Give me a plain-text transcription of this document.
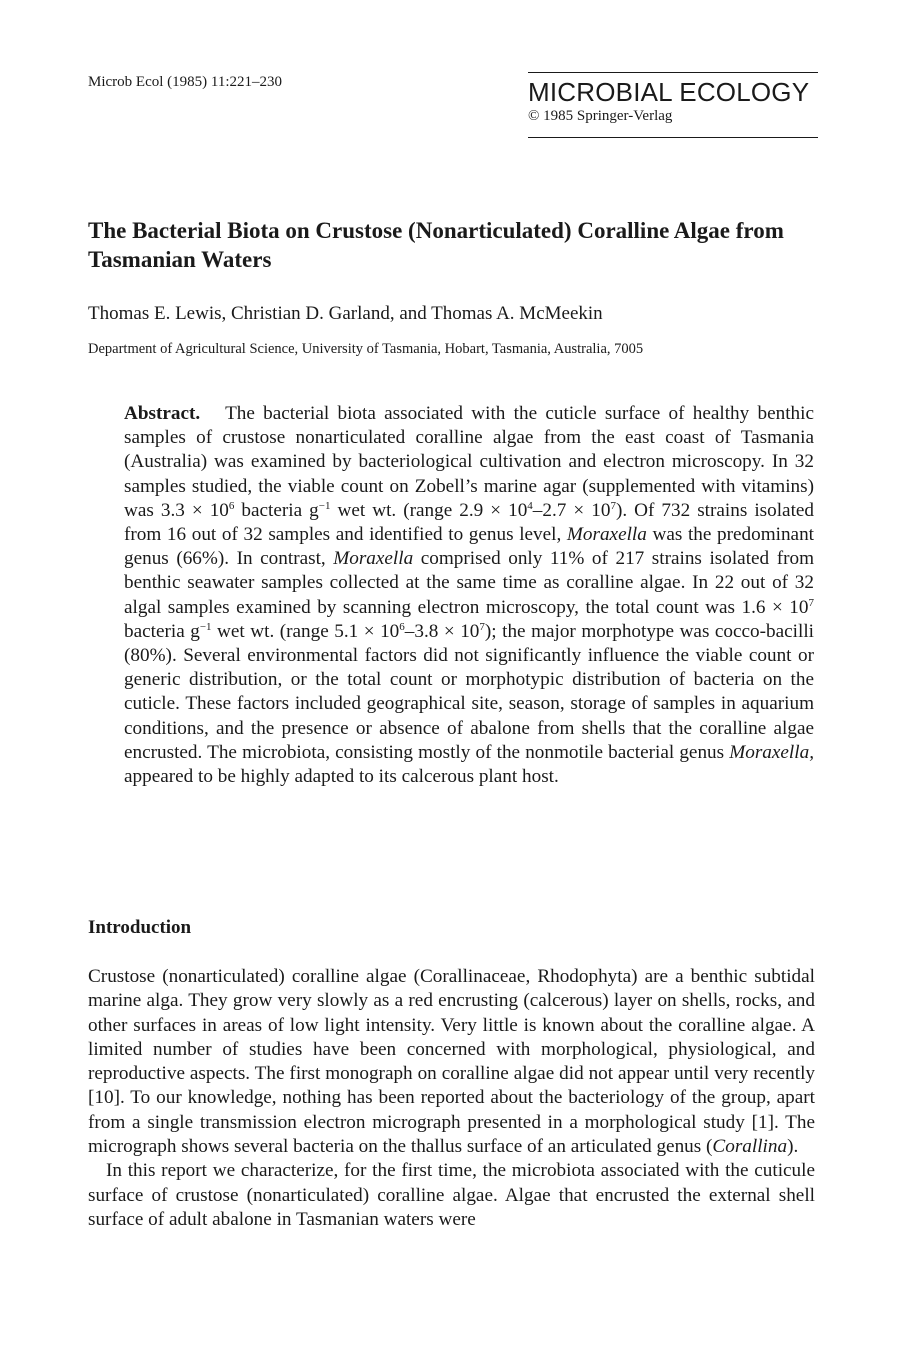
Microb Ecol (1985) 11:221–230	MICROBIAL ECOLOGY
© 1985 Springer-Verlag
The Bacterial Biota on Crustose (Nonarticulated) Coralline Algae from Tasmanian Waters
Thomas E. Lewis, Christian D. Garland, and Thomas A. McMeekin
Department of Agricultural Science, University of Tasmania, Hobart, Tasmania, Australia, 7005

Abstract. The bacterial biota associated with the cuticle surface of healthy benthic samples of crustose nonarticulated coralline algae from the east coast of Tasmania (Australia) was examined by bacteriological cultivation and electron microscopy. In 32 samples studied, the viable count on Zobell’s marine agar (supplemented with vitamins) was $3.3 \times 10^6$ bacteria $g^{-1}$ wet wt. (range $2.9 \times 10^4-2.7 \times 10^7$). Of 732 strains isolated from 16 out of 32 samples and identified to genus level, Moraxella was the predominant genus (66%). In contrast, Moraxella comprised only 11% of 217 strains isolated from benthic seawater samples collected at the same time as coralline algae. In 22 out of 32 algal samples examined by scanning electron microscopy, the total count was $1.6 \times 10^7$ bacteria $g^{-1}$ wet wt. (range $5.1 \times 10^6-3.8 \times 10^7$); the major morphotype was cocco-bacilli (80%). Several environmental factors did not significantly influence the viable count or generic distribution, or the total count or morphotypic distribution of bacteria on the cuticle. These factors included geographical site, season, storage of samples in aquarium conditions, and the presence or absence of abalone from shells that the coralline algae encrusted. The microbiota, consisting mostly of the nonmotile bacterial genus Moraxella, appeared to be highly adapted to its calcerous plant host.

Introduction

Crustose (nonarticulated) coralline algae (Corallinaceae, Rhodophyta) are a benthic subtidal marine alga. They grow very slowly as a red encrusting (calcerous) layer on shells, rocks, and other surfaces in areas of low light intensity. Very little is known about the coralline algae. A limited number of studies have been concerned with morphological, physiological, and reproductive aspects. The first monograph on coralline algae did not appear until very recently [10]. To our knowledge, nothing has been reported about the bacteriology of the group, apart from a single transmission electron micrograph presented in a morphological study [1]. The micrograph shows several bacteria on the thallus surface of an articulated genus (Corallina).

In this report we characterize, for the first time, the microbiota associated with the cuticule surface of crustose (nonarticulated) coralline algae. Algae that encrusted the external shell surface of adult abalone in Tasmanian waters were
